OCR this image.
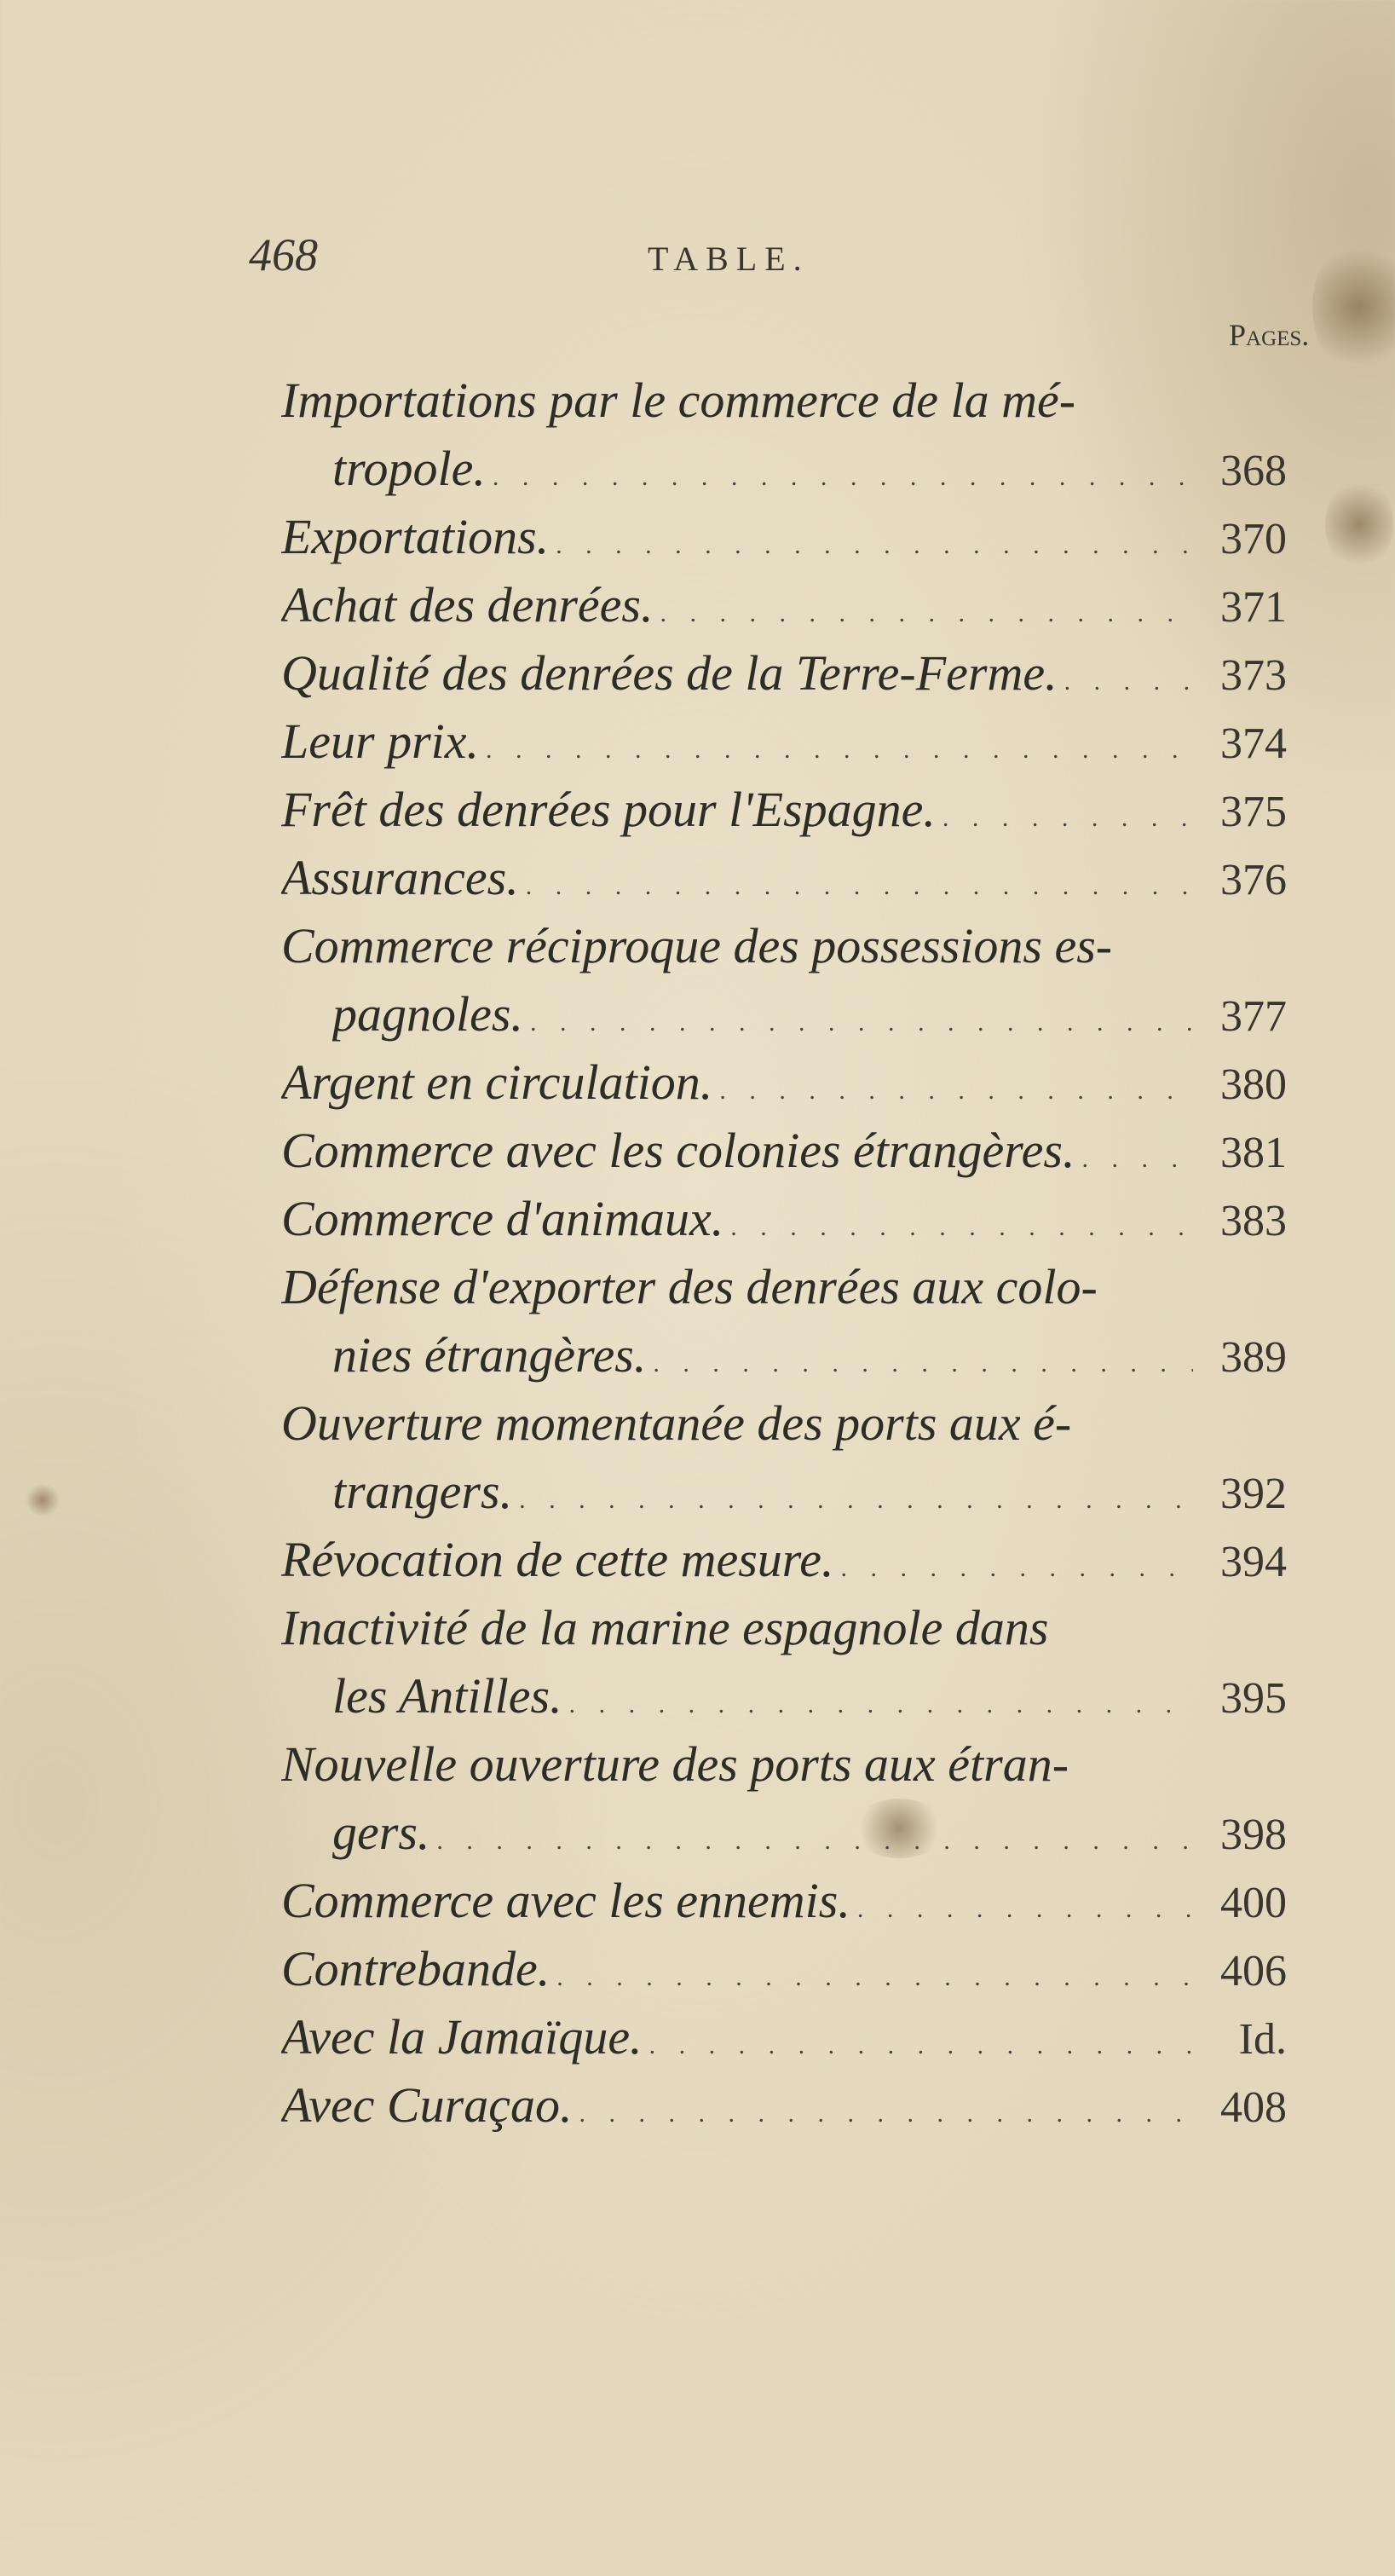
468	TABLE.
Pages.
Importations par le commerce de la mé-
tropole. . . .	368
Exportations. . . .	370
Achat des denrées. . . .	371
Qualité des denrées de la Terre-Ferme. . . .	373
Leur prix. . . .	374
Frêt des denrées pour l'Espagne. . . .	375
Assurances. . . .	376
Commerce réciproque des possessions es-
pagnoles. . . .	377
Argent en circulation. . . .	380
Commerce avec les colonies étrangères. . . .	381
Commerce d'animaux. . . .	383
Défense d'exporter des denrées aux colo-
nies étrangères. . . .	389
Ouverture momentanée des ports aux é-
trangers. . . .	392
Révocation de cette mesure. . . .	394
Inactivité de la marine espagnole dans
les Antilles. . . .	395
Nouvelle ouverture des ports aux étran-
gers. . . .	398
Commerce avec les ennemis. . . .	400
Contrebande. . . .	406
Avec la Jamaïque. . . .	Id.
Avec Curaçao. . . .	408
